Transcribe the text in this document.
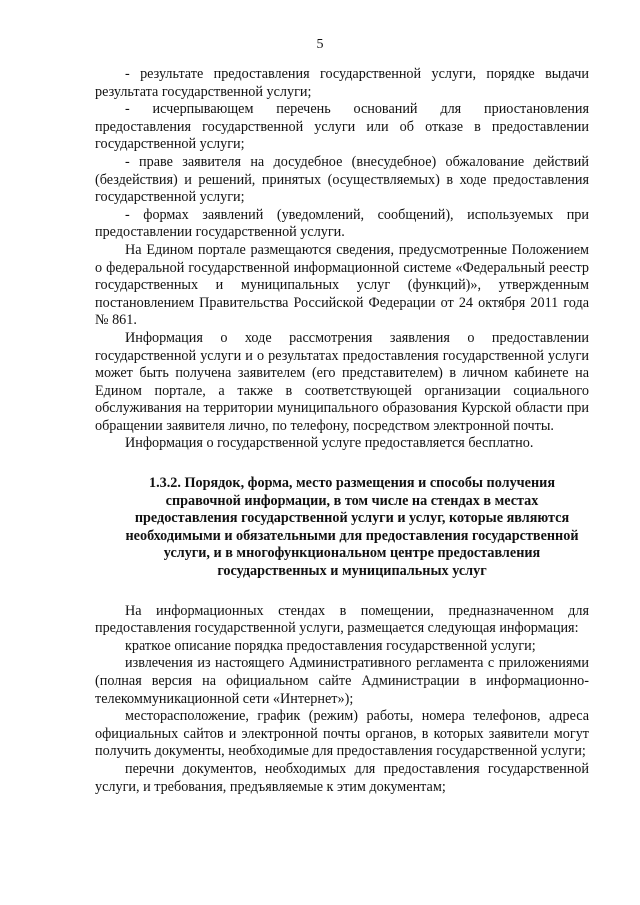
5

- результате предоставления государственной услуги, порядке выдачи результата государственной услуги;

- исчерпывающем перечень оснований для приостановления предоставления государственной услуги или об отказе в предоставлении государственной услуги;

- праве заявителя на досудебное (внесудебное) обжалование действий (бездействия) и решений, принятых (осуществляемых) в ходе предоставления государственной услуги;

- формах заявлений (уведомлений, сообщений), используемых при предоставлении государственной услуги.

На Едином портале размещаются сведения, предусмотренные Положением о федеральной государственной информационной системе «Федеральный реестр государственных и муниципальных услуг (функций)», утвержденным постановлением Правительства Российской Федерации от 24 октября 2011 года № 861.

Информация о ходе рассмотрения заявления о предоставлении государственной услуги и о результатах предоставления государственной услуги может быть получена заявителем (его представителем) в личном кабинете на Едином портале, а также в соответствующей организации социального обслуживания на территории муниципального образования Курской области при обращении заявителя лично, по телефону, посредством электронной почты.

Информация о государственной услуге предоставляется бесплатно.

1.3.2. Порядок, форма, место размещения и способы получения справочной информации, в том числе на стендах в местах предоставления государственной услуги и услуг, которые являются необходимыми и обязательными для предоставления государственной услуги, и в многофункциональном центре предоставления государственных и муниципальных услуг

На информационных стендах в помещении, предназначенном для предоставления государственной услуги, размещается следующая информация:

краткое описание порядка предоставления государственной услуги;

извлечения из настоящего Административного регламента с приложениями (полная версия на официальном сайте Администрации в информационно-телекоммуникационной сети «Интернет»);

месторасположение, график (режим) работы, номера телефонов, адреса официальных сайтов и электронной почты органов, в которых заявители могут получить документы, необходимые для предоставления государственной услуги;

перечни документов, необходимых для предоставления государственной услуги, и требования, предъявляемые к этим документам;
